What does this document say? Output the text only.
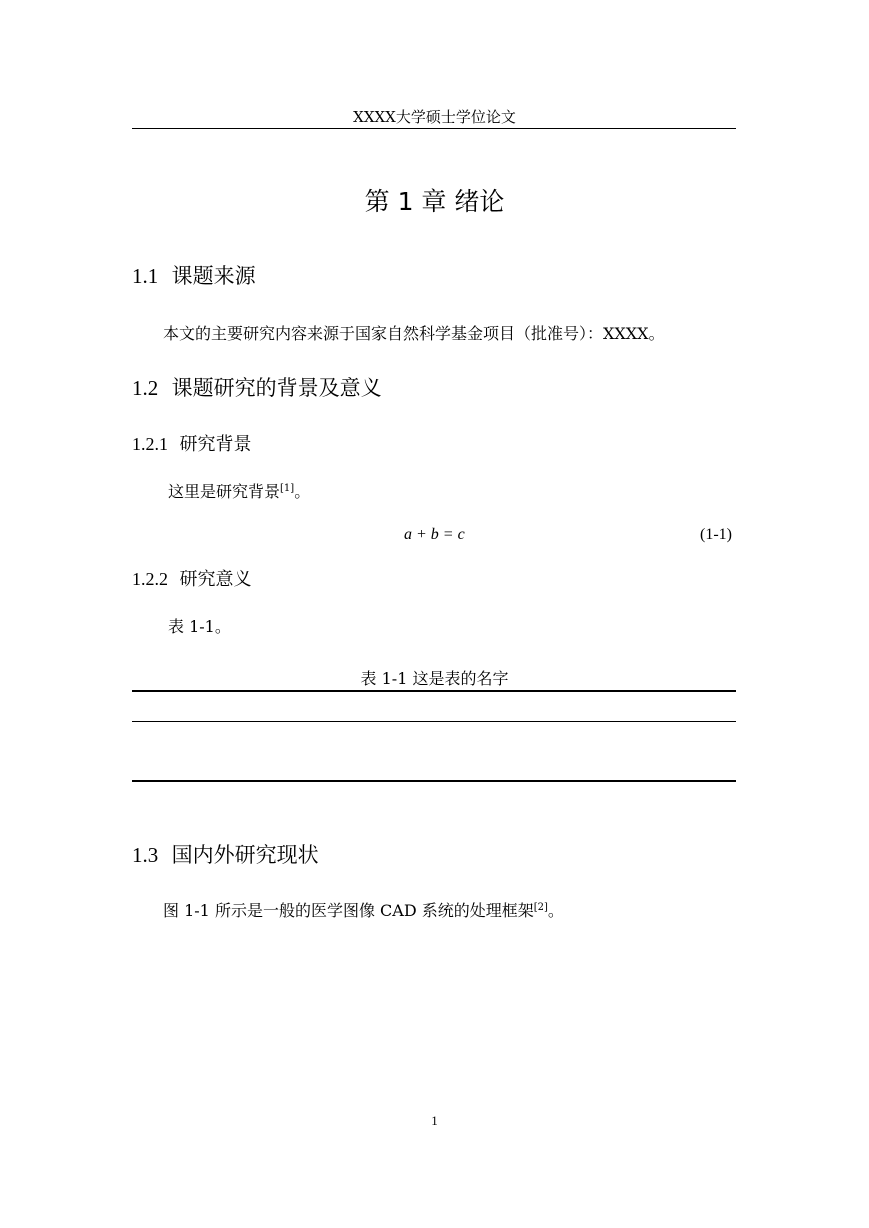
XXXX大学硕士学位论文
第 1 章 绪论
1.1 课题来源
本文的主要研究内容来源于国家自然科学基金项目（批准号）：XXXX。
1.2 课题研究的背景及意义
1.2.1 研究背景
这里是研究背景[1]。
a + b = c	(1-1)
1.2.2 研究意义
表 1-1。
表 1-1 这是表的名字
1.3 国内外研究现状
图 1-1 所示是一般的医学图像 CAD 系统的处理框架[2]。
1
